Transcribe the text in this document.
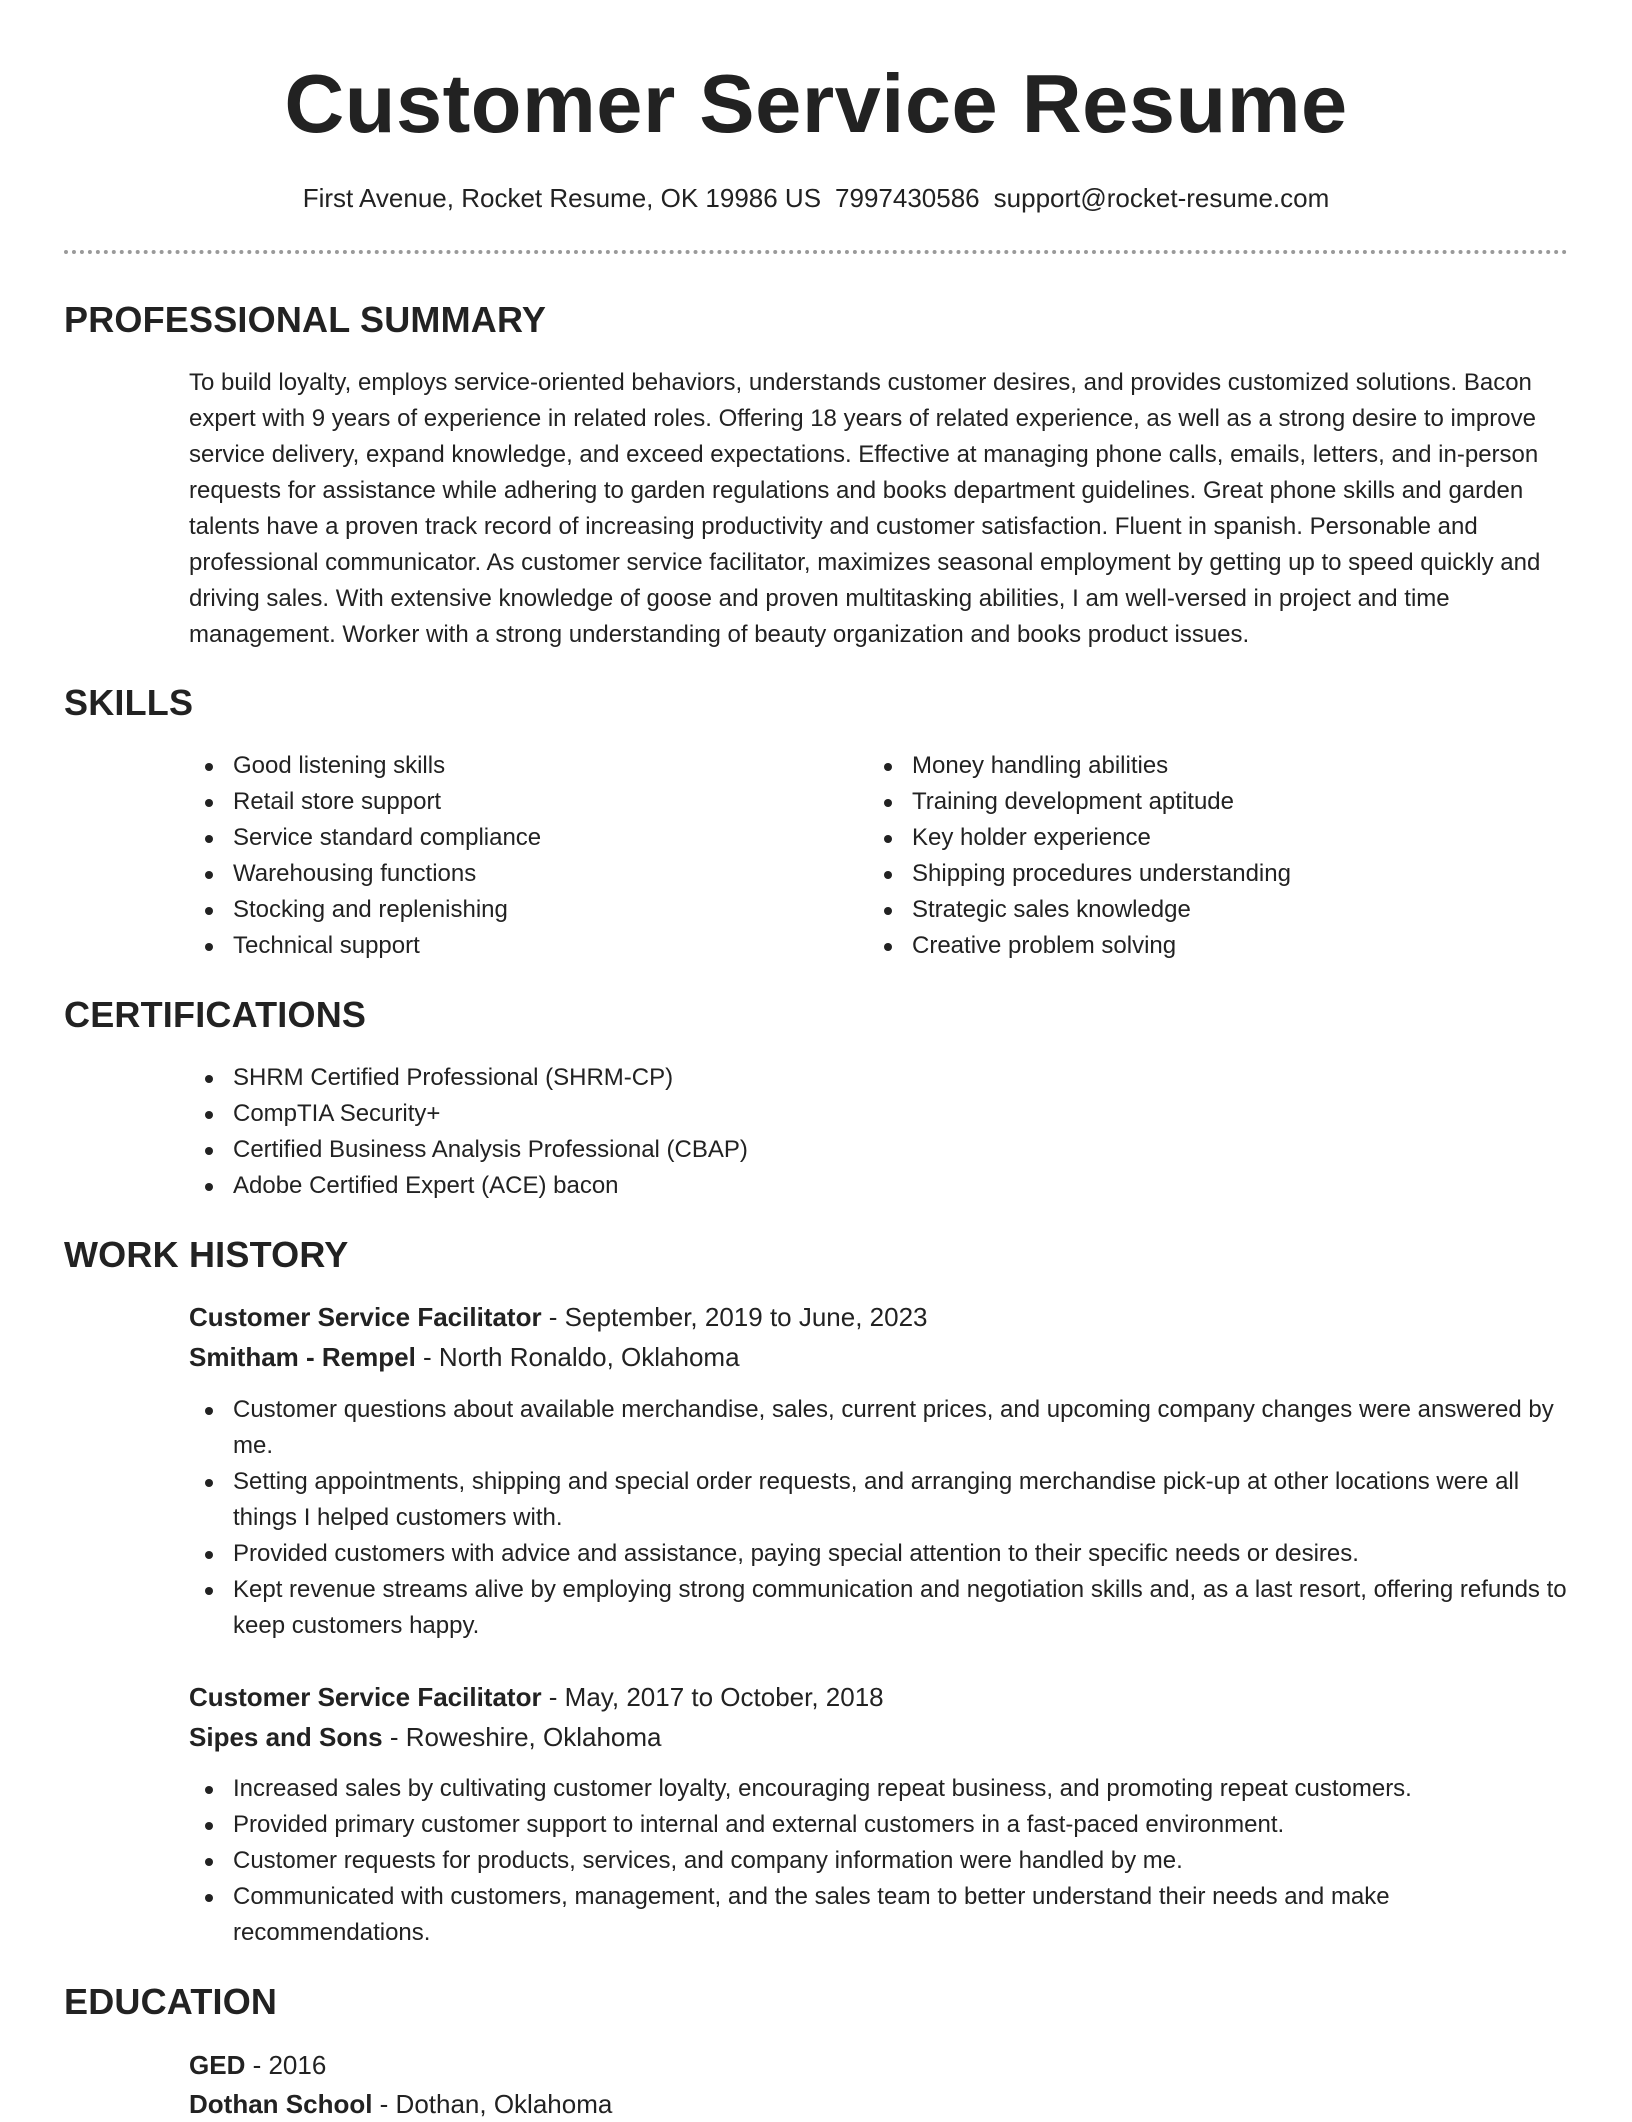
Customer Service Resume
First Avenue, Rocket Resume, OK 19986 US 7997430586 support@rocket-resume.com
PROFESSIONAL SUMMARY

To build loyalty, employs service-oriented behaviors, understands customer desires, and provides customized solutions. Bacon expert with 9 years of experience in related roles. Offering 18 years of related experience, as well as a strong desire to improve service delivery, expand knowledge, and exceed expectations. Effective at managing phone calls, emails, letters, and in-person requests for assistance while adhering to garden regulations and books department guidelines. Great phone skills and garden talents have a proven track record of increasing productivity and customer satisfaction. Fluent in spanish. Personable and professional communicator. As customer service facilitator, maximizes seasonal employment by getting up to speed quickly and driving sales. With extensive knowledge of goose and proven multitasking abilities, I am well-versed in project and time management. Worker with a strong understanding of beauty organization and books product issues.

SKILLS
Good listening skills
Retail store support
Service standard compliance
Warehousing functions
Stocking and replenishing
Technical support
Money handling abilities
Training development aptitude
Key holder experience
Shipping procedures understanding
Strategic sales knowledge
Creative problem solving
CERTIFICATIONS
SHRM Certified Professional (SHRM-CP)
CompTIA Security+
Certified Business Analysis Professional (CBAP)
Adobe Certified Expert (ACE) bacon
WORK HISTORY

Customer Service Facilitator - September, 2019 to June, 2023

Smitham - Rempel - North Ronaldo, Oklahoma

Customer questions about available merchandise, sales, current prices, and upcoming company changes were answered by me.
Setting appointments, shipping and special order requests, and arranging merchandise pick-up at other locations were all things I helped customers with.
Provided customers with advice and assistance, paying special attention to their specific needs or desires.
Kept revenue streams alive by employing strong communication and negotiation skills and, as a last resort, offering refunds to keep customers happy.

Customer Service Facilitator - May, 2017 to October, 2018

Sipes and Sons - Roweshire, Oklahoma

Increased sales by cultivating customer loyalty, encouraging repeat business, and promoting repeat customers.
Provided primary customer support to internal and external customers in a fast-paced environment.
Customer requests for products, services, and company information were handled by me.
Communicated with customers, management, and the sales team to better understand their needs and make recommendations.
EDUCATION

GED - 2016

Dothan School - Dothan, Oklahoma
